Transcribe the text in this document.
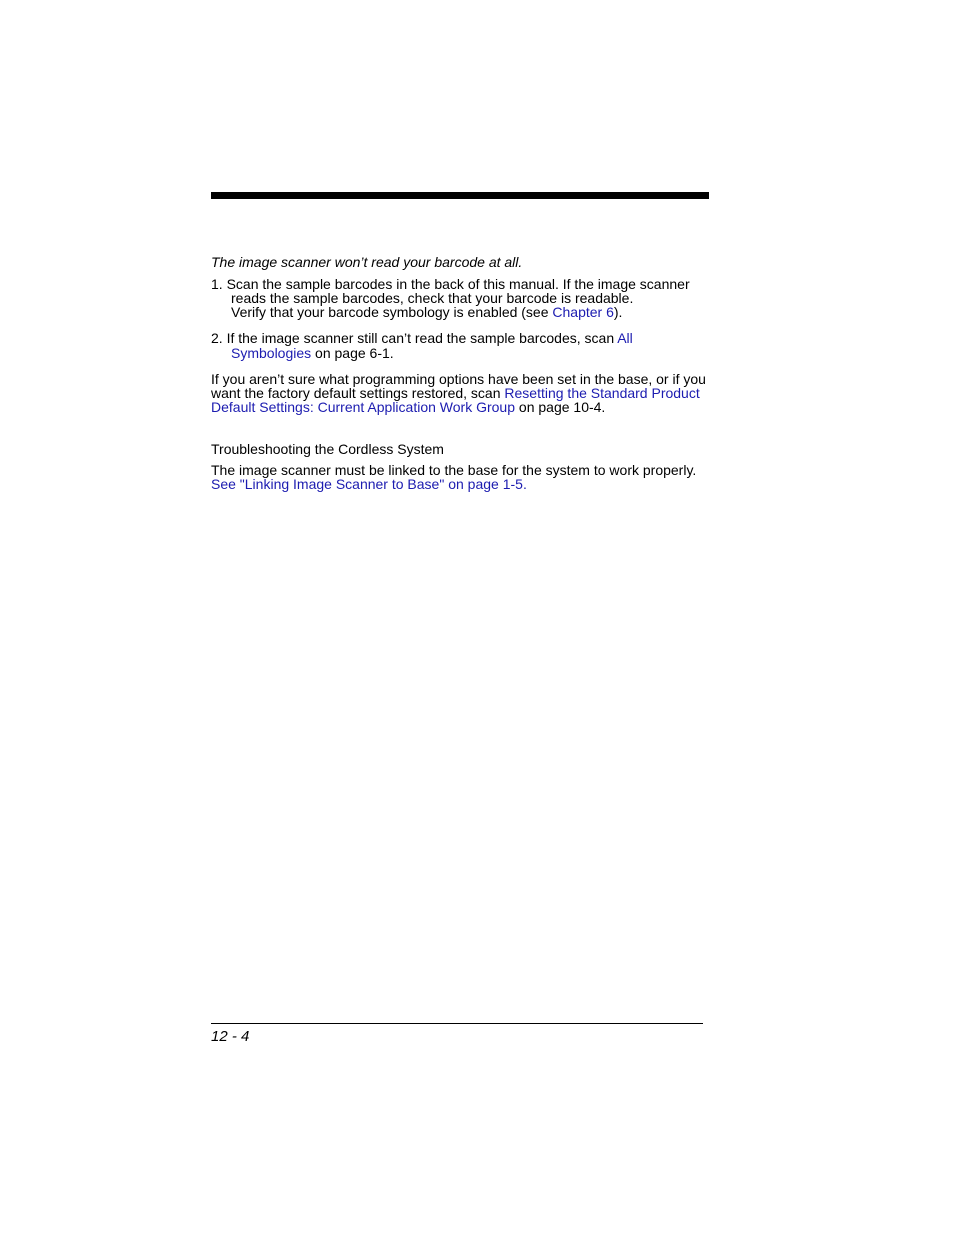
The image scanner won’t read your barcode at all.
1. Scan the sample barcodes in the back of this manual. If the image scanner
reads the sample barcodes, check that your barcode is readable.
Verify that your barcode symbology is enabled (see Chapter 6).
2. If the image scanner still can’t read the sample barcodes, scan All
Symbologies on page 6-1.
If you aren’t sure what programming options have been set in the base, or if you
want the factory default settings restored, scan Resetting the Standard Product
Default Settings: Current Application Work Group on page 10-4.
Troubleshooting the Cordless System
The image scanner must be linked to the base for the system to work properly.
See "Linking Image Scanner to Base" on page 1-5.
12 - 4
